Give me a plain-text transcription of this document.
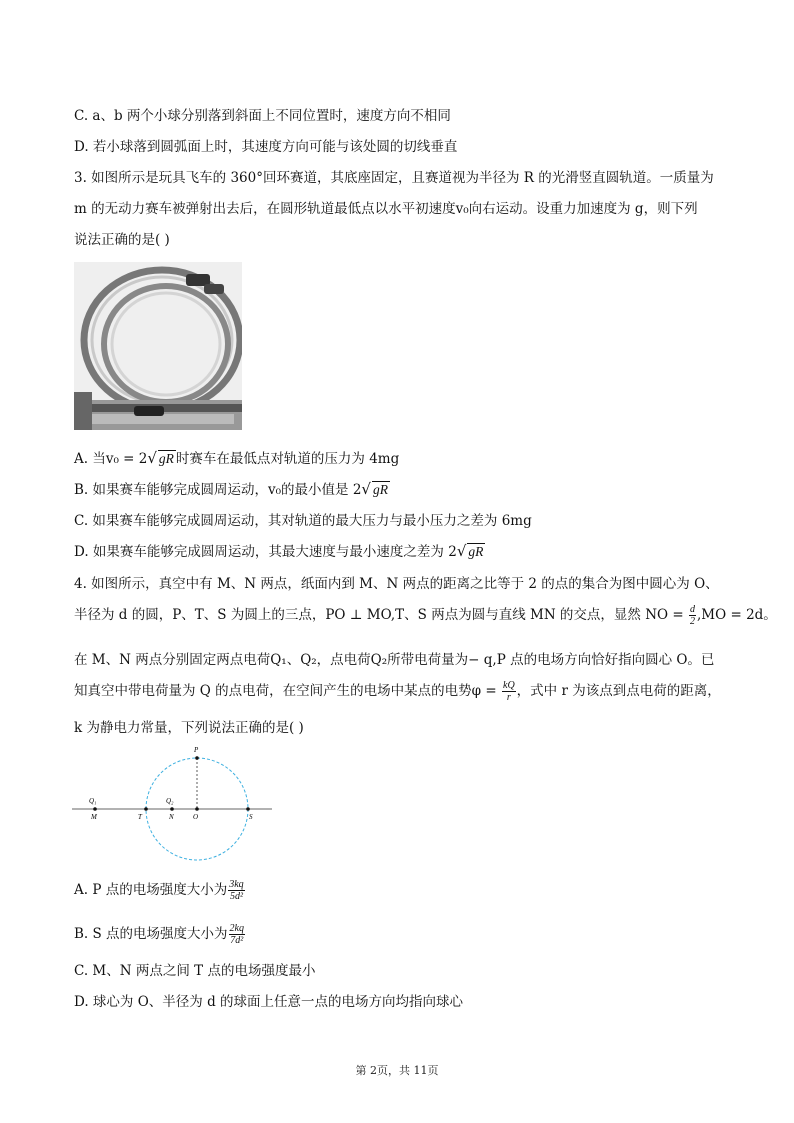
C. a、b 两个小球分别落到斜面上不同位置时，速度方向不相同
D. 若小球落到圆弧面上时，其速度方向可能与该处圆的切线垂直
3. 如图所示是玩具飞车的 360°回环赛道，其底座固定，且赛道视为半径为 R 的光滑竖直圆轨道。一质量为
m 的无动力赛车被弹射出去后，在圆形轨道最低点以水平初速度v₀向右运动。设重力加速度为 g，则下列
说法正确的是( )
A. 当v₀ = 2√ gR 时赛车在最低点对轨道的压力为 4mg
B. 如果赛车能够完成圆周运动，v₀的最小值是 2√ gR
C. 如果赛车能够完成圆周运动，其对轨道的最大压力与最小压力之差为 6mg
D. 如果赛车能够完成圆周运动，其最大速度与最小速度之差为 2√ gR
4. 如图所示，真空中有 M、N 两点，纸面内到 M、N 两点的距离之比等于 2 的点的集合为图中圆心为 O、
半径为 d 的圆，P、T、S 为圆上的三点，PO ⊥ MO,T、S 两点为圆与直线 MN 的交点，显然 NO = $\frac{d}{2} ,MO = 2d$。
在 M、N 两点分别固定两点电荷Q₁、Q₂，点电荷Q₂所带电荷量为− q,P 点的电场方向恰好指向圆心 O。已
知真空中带电荷量为 Q 的点电荷，在空间产生的电场中某点的电势$\varphi = \frac{kQ}{r}$ ，式中 r 为该点到点电荷的距离，
k 为静电力常量，下列说法正确的是( )
P
Q₁
M	T
Q₂
N	O	S
A. P 点的电场强度大小为 $\frac{3kq}{\text{5d²}}$
B. S 点的电场强度大小为 $\frac{2kq}{\text{7d²}}$
C. M、N 两点之间 T 点的电场强度最小
D. 球心为 O、半径为 d 的球面上任意一点的电场方向均指向球心
第 2页，共 11页
